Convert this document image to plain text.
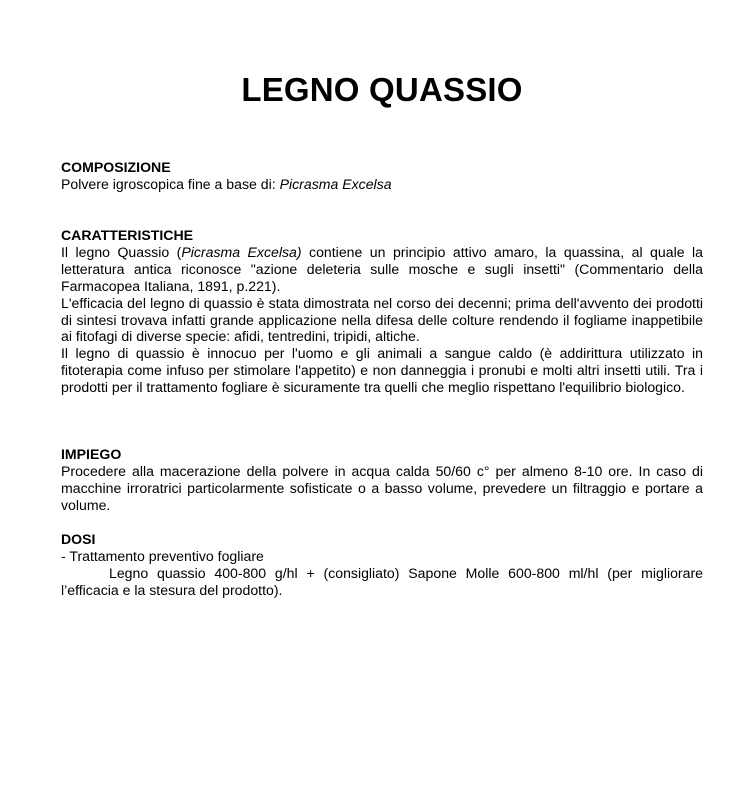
LEGNO QUASSIO

COMPOSIZIONE

Polvere igroscopica fine a base di: Picrasma Excelsa

CARATTERISTICHE

Il legno Quassio (Picrasma Excelsa) contiene un principio attivo amaro, la quassina, al quale la letteratura antica riconosce "azione deleteria sulle mosche e sugli insetti" (Commentario della Farmacopea Italiana, 1891, p.221).

L'efficacia del legno di quassio è stata dimostrata nel corso dei decenni; prima dell'avvento dei prodotti di sintesi trovava infatti grande applicazione nella difesa delle colture rendendo il fogliame inappetibile ai fitofagi di diverse specie: afidi, tentredini, tripidi, altiche.

Il legno di quassio è innocuo per l'uomo e gli animali a sangue caldo (è addirittura utilizzato in fitoterapia come infuso per stimolare l'appetito) e non danneggia i pronubi e molti altri insetti utili. Tra i prodotti per il trattamento fogliare è sicuramente tra quelli che meglio rispettano l'equilibrio biologico.

IMPIEGO

Procedere alla macerazione della polvere in acqua calda 50/60 c° per almeno 8-10 ore. In caso di macchine irroratrici particolarmente sofisticate o a basso volume, prevedere un filtraggio e portare a volume.

DOSI

- Trattamento preventivo fogliare

Legno quassio 400-800 g/hl + (consigliato) Sapone Molle 600-800 ml/hl (per migliorare l’efficacia e la stesura del prodotto).
